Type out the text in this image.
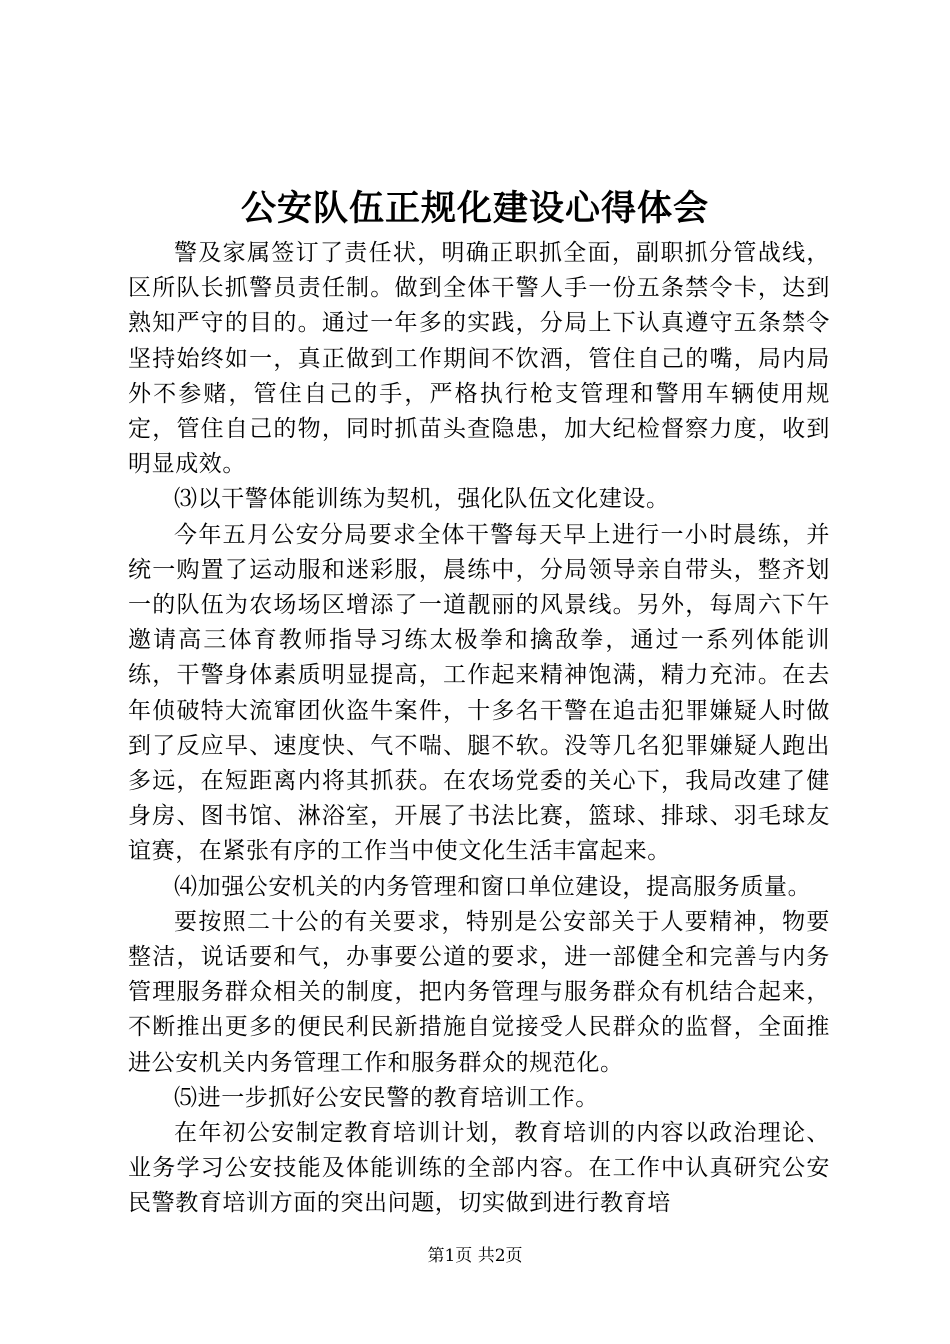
公安队伍正规化建设心得体会

警及家属签订了责任状，明确正职抓全面，副职抓分管战线，区所队长抓警员责任制。做到全体干警人手一份五条禁令卡，达到熟知严守的目的。通过一年多的实践，分局上下认真遵守五条禁令坚持始终如一，真正做到工作期间不饮酒，管住自己的嘴，局内局外不参赌，管住自己的手，严格执行枪支管理和警用车辆使用规定，管住自己的物，同时抓苗头查隐患，加大纪检督察力度，收到明显成效。

⑶以干警体能训练为契机，强化队伍文化建设。

今年五月公安分局要求全体干警每天早上进行一小时晨练，并统一购置了运动服和迷彩服，晨练中，分局领导亲自带头，整齐划一的队伍为农场场区增添了一道靓丽的风景线。另外，每周六下午邀请高三体育教师指导习练太极拳和擒敌拳，通过一系列体能训练，干警身体素质明显提高，工作起来精神饱满，精力充沛。在去年侦破特大流窜团伙盗牛案件，十多名干警在追击犯罪嫌疑人时做到了反应早、速度快、气不喘、腿不软。没等几名犯罪嫌疑人跑出多远，在短距离内将其抓获。在农场党委的关心下，我局改建了健身房、图书馆、淋浴室，开展了书法比赛，篮球、排球、羽毛球友谊赛，在紧张有序的工作当中使文化生活丰富起来。

⑷加强公安机关的内务管理和窗口单位建设，提高服务质量。

要按照二十公的有关要求，特别是公安部关于人要精神，物要整洁，说话要和气，办事要公道的要求，进一部健全和完善与内务管理服务群众相关的制度，把内务管理与服务群众有机结合起来，不断推出更多的便民利民新措施自觉接受人民群众的监督，全面推进公安机关内务管理工作和服务群众的规范化。

⑸进一步抓好公安民警的教育培训工作。

在年初公安制定教育培训计划，教育培训的内容以政治理论、业务学习公安技能及体能训练的全部内容。在工作中认真研究公安民警教育培训方面的突出问题，切实做到进行教育培

第1页 共2页
